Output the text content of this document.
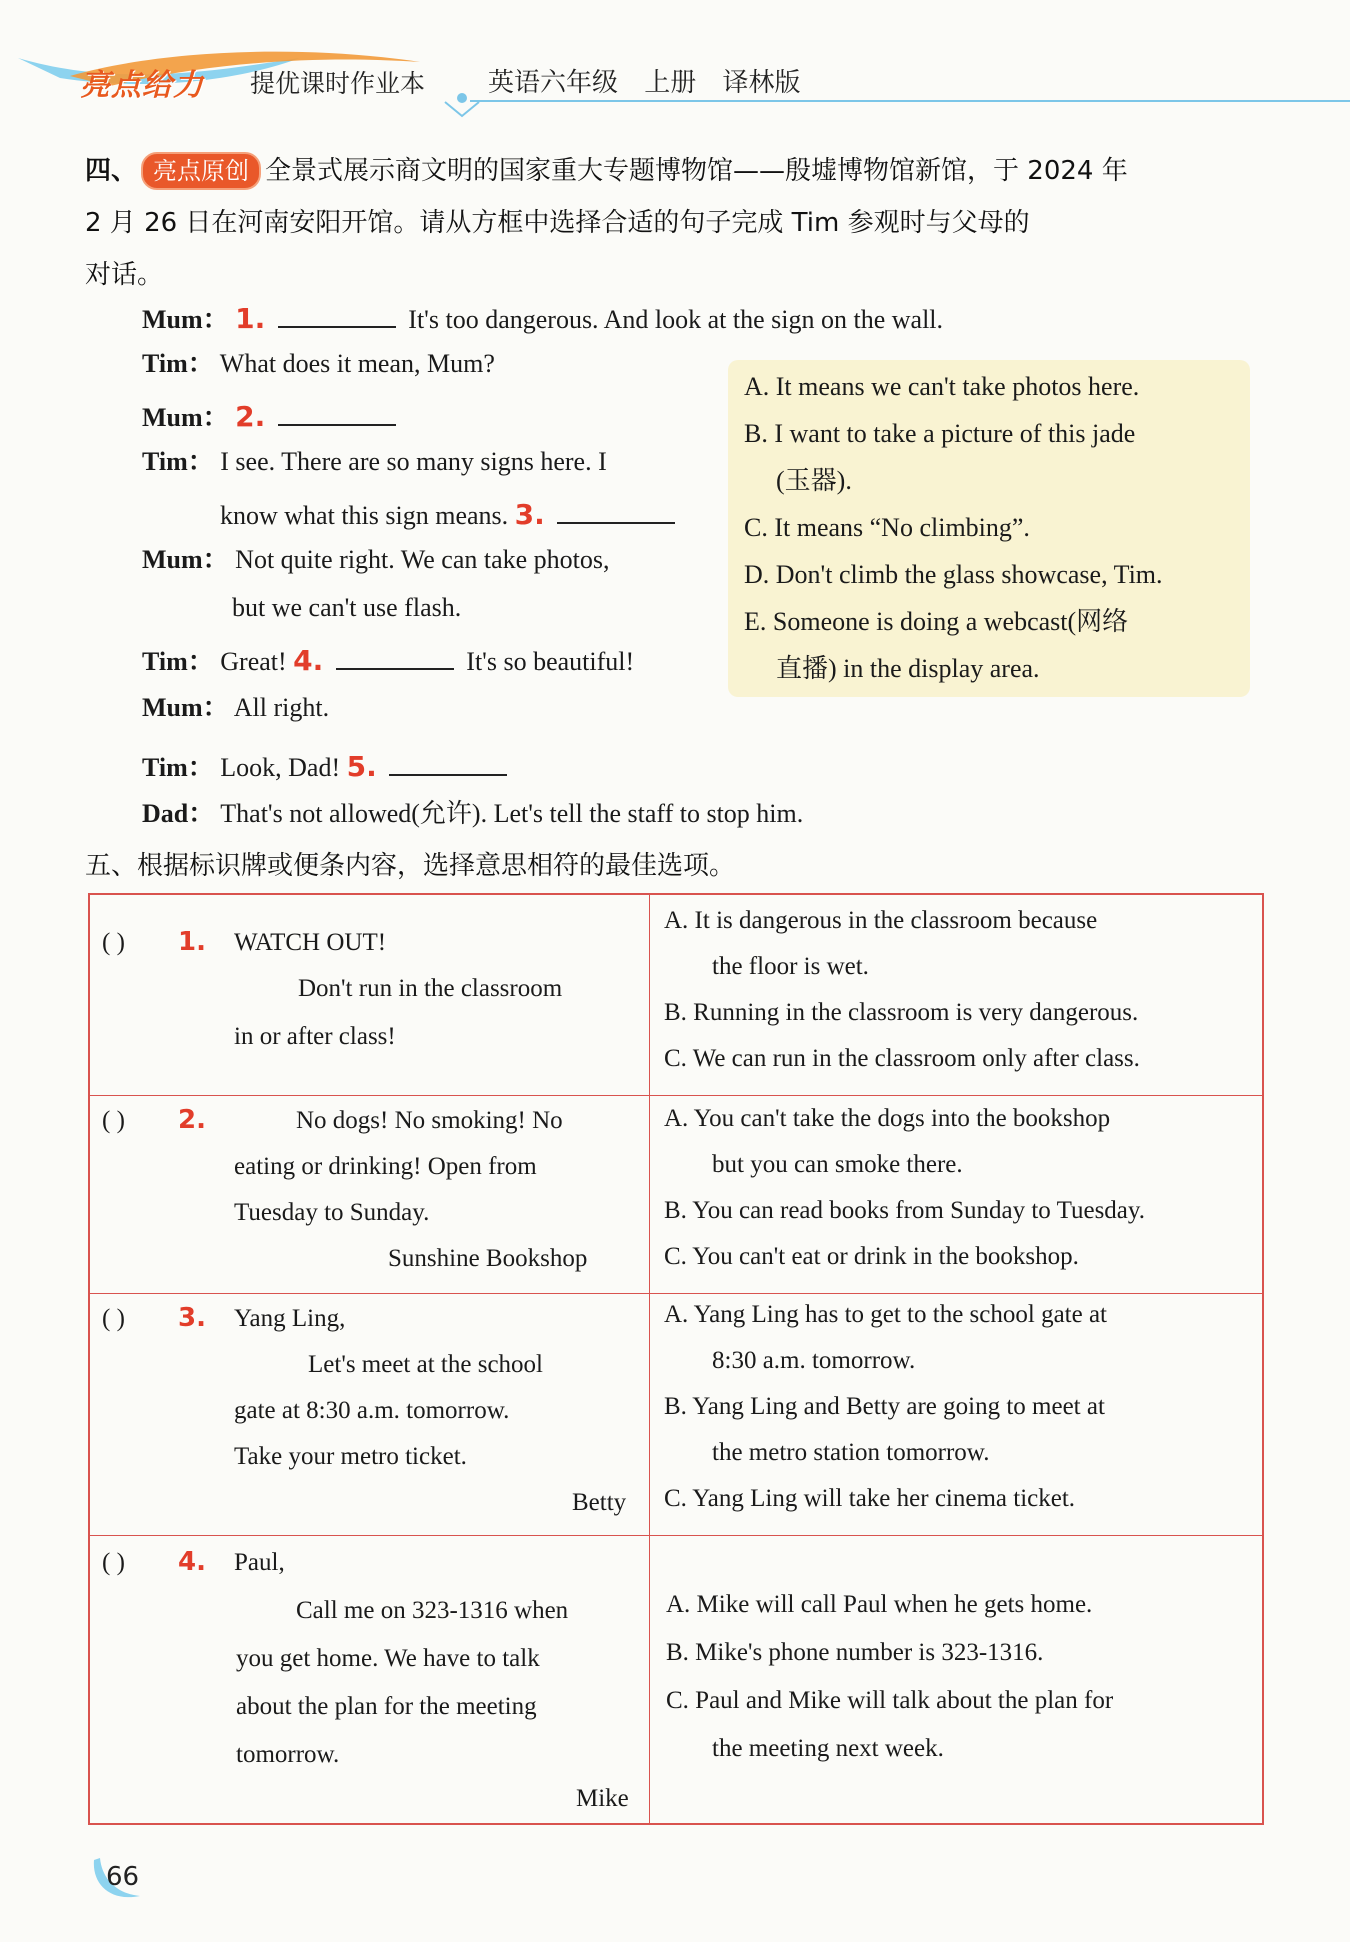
亮点给力 提优课时作业本 英语六年级 上册 译林版
四、 亮点原创 全景式展示商文明的国家重大专题博物馆——殷墟博物馆新馆，于 2024 年
2 月 26 日在河南安阳开馆。请从方框中选择合适的句子完成 Tim 参观时与父母的
对话。
Mum： 1.	It's too dangerous. And look at the sign on the wall.
Tim： What does it mean, Mum?
Mum： 2.
Tim： I see. There are so many signs here. I
know what this sign means. 3.
Mum： Not quite right. We can take photos,
but we can't use flash.
Tim： Great! 4.	It's so beautiful!
Mum： All right.
Tim： Look, Dad! 5.
Dad： That's not allowed(允许). Let's tell the staff to stop him.
A. It means we can't take photos here.
B. I want to take a picture of this jade
(玉器).
C. It means “No climbing”.
D. Don't climb the glass showcase, Tim.
E. Someone is doing a webcast(网络
直播) in the display area.
五、根据标识牌或便条内容，选择意思相符的最佳选项。
( ) 1. WATCH OUT!
Don't run in the classroom
in or after class!
A. It is dangerous in the classroom because
the floor is wet.
B. Running in the classroom is very dangerous.
C. We can run in the classroom only after class.
( ) 2.	No dogs! No smoking! No
eating or drinking! Open from
Tuesday to Sunday.
Sunshine Bookshop
A. You can't take the dogs into the bookshop
but you can smoke there.
B. You can read books from Sunday to Tuesday.
C. You can't eat or drink in the bookshop.
( ) 3. Yang Ling,
Let's meet at the school
gate at 8:30 a.m. tomorrow.
Take your metro ticket.
Betty
A. Yang Ling has to get to the school gate at
8:30 a.m. tomorrow.
B. Yang Ling and Betty are going to meet at
the metro station tomorrow.
C. Yang Ling will take her cinema ticket.
( ) 4. Paul,
Call me on 323-1316 when
you get home. We have to talk
about the plan for the meeting
tomorrow.
Mike
A. Mike will call Paul when he gets home.
B. Mike's phone number is 323-1316.
C. Paul and Mike will talk about the plan for
the meeting next week.
66
